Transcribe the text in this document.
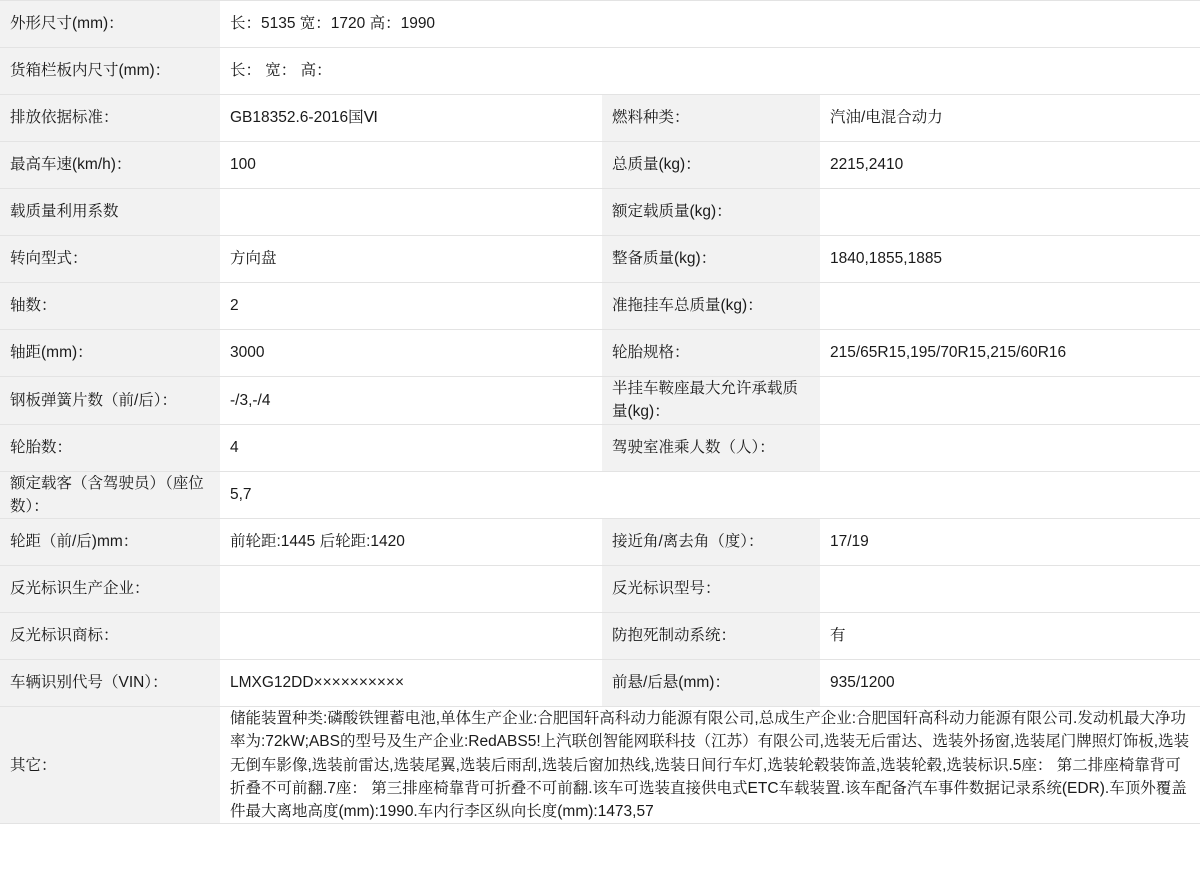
外形尺寸(mm)：	长：5135 宽：1720 高：1990		
货箱栏板内尺寸(mm)：	长： 宽： 高：		
排放依据标准：	GB18352.6-2016国Ⅵ	燃料种类：	汽油/电混合动力
最高车速(km/h)：	100	总质量(kg)：	2215,2410
载质量利用系数		额定载质量(kg)：	
转向型式：	方向盘	整备质量(kg)：	1840,1855,1885
轴数：	2	准拖挂车总质量(kg)：	
轴距(mm)：	3000	轮胎规格：	215/65R15,195/70R15,215/60R16
钢板弹簧片数（前/后）：	-/3,-/4	半挂车鞍座最大允许承载质量(kg)：	
轮胎数：	4	驾驶室准乘人数（人）：	
额定载客（含驾驶员）（座位数）：	5,7		
轮距（前/后)mm：	前轮距:1445 后轮距:1420	接近角/离去角（度）：	17/19
反光标识生产企业：		反光标识型号：	
反光标识商标：		防抱死制动系统：	有
车辆识别代号（VIN）：	LMXG12DD××××××××××	前悬/后悬(mm)：	935/1200
其它：	储能装置种类:磷酸铁锂蓄电池,单体生产企业:合肥国轩高科动力能源有限公司,总成生产企业:合肥国轩高科动力能源有限公司.发动机最大净功率为:72kW;ABS的型号及生产企业:RedABS5!上汽联创智能网联科技（江苏）有限公司,选装无后雷达、选装外扬窗,选装尾门牌照灯饰板,选装无倒车影像,选装前雷达,选装尾翼,选装后雨刮,选装后窗加热线,选装日间行车灯,选装轮毂装饰盖,选装轮毂,选装标识.5座： 第二排座椅靠背可折叠不可前翻.7座： 第三排座椅靠背可折叠不可前翻.该车可选装直接供电式ETC车载装置.该车配备汽车事件数据记录系统(EDR).车顶外覆盖件最大离地高度(mm):1990.车内行李区纵向长度(mm):1473,57		
